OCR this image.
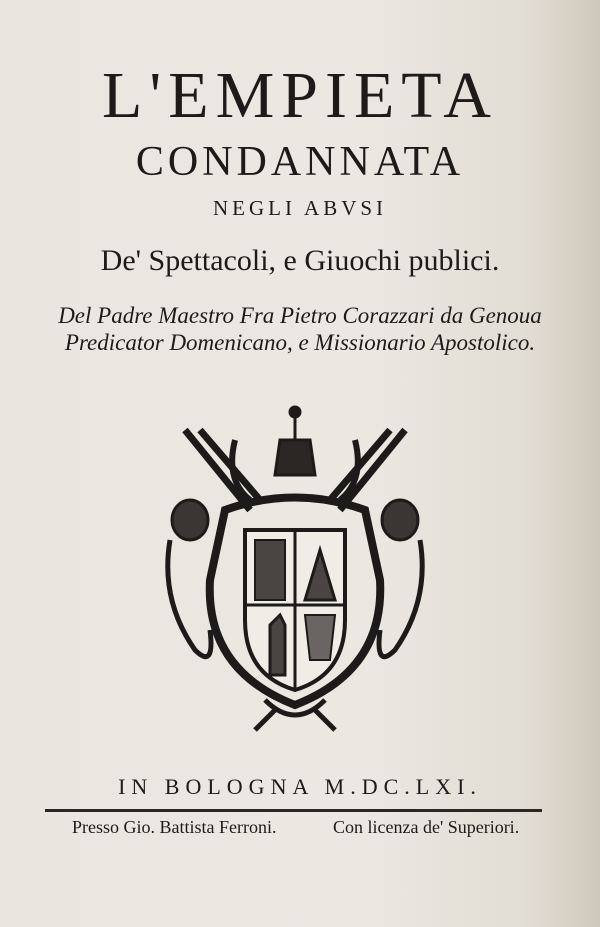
L'EMPIETA
CONDANNATA
NEGLI ABVSI
De' Spettacoli, e Giuochi publici.
Del Padre Maestro Fra Pietro Corazzari da Genoua
Predicator Domenicano, e Missionario Apostolico.
IN BOLOGNA M.DC.LXI.
Presso Gio. Battista Ferroni.	Con licenza de' Superiori.
